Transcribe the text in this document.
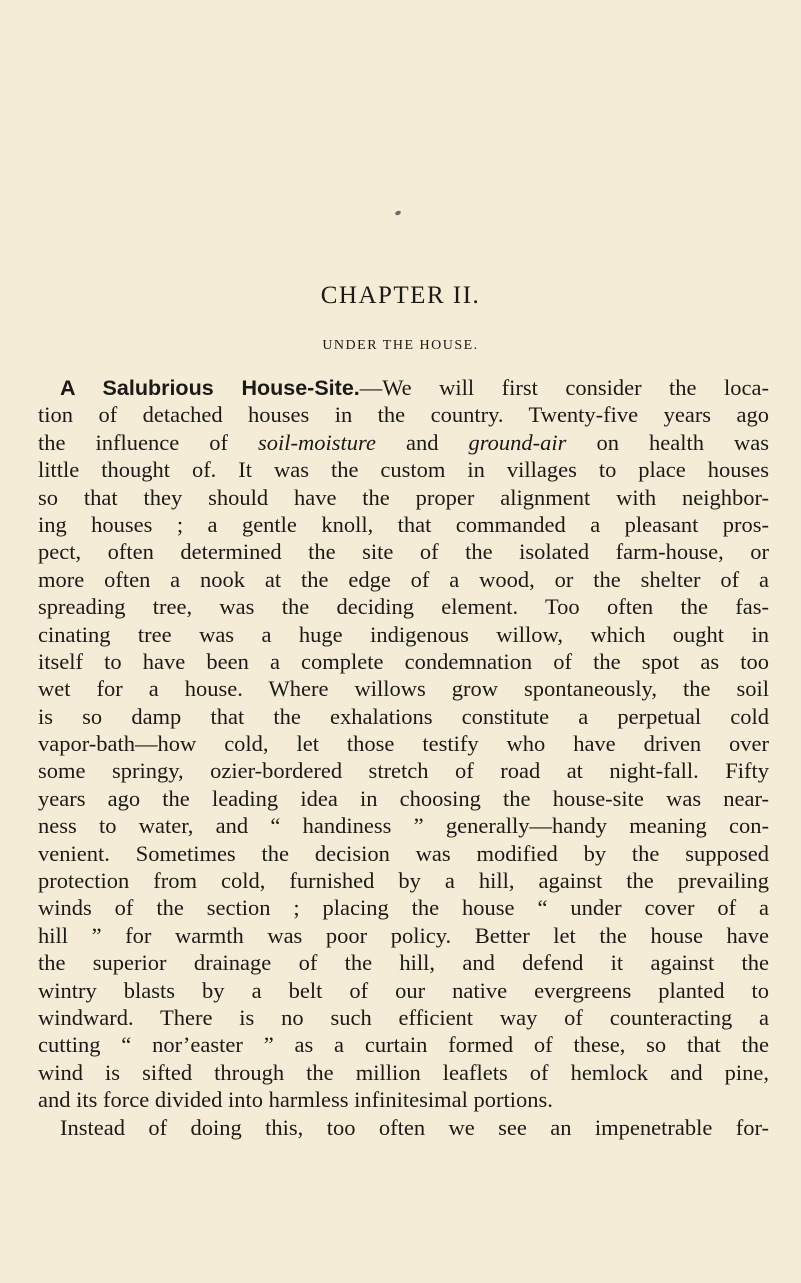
CHAPTER II.
UNDER THE HOUSE.
A Salubrious House-Site.—We will first consider the loca-
tion of detached houses in the country. Twenty-five years ago
the influence of soil-moisture and ground-air on health was
little thought of. It was the custom in villages to place houses
so that they should have the proper alignment with neighbor-
ing houses ; a gentle knoll, that commanded a pleasant pros-
pect, often determined the site of the isolated farm-house, or
more often a nook at the edge of a wood, or the shelter of a
spreading tree, was the deciding element. Too often the fas-
cinating tree was a huge indigenous willow, which ought in
itself to have been a complete condemnation of the spot as too
wet for a house. Where willows grow spontaneously, the soil
is so damp that the exhalations constitute a perpetual cold
vapor-bath—how cold, let those testify who have driven over
some springy, ozier-bordered stretch of road at night-fall. Fifty
years ago the leading idea in choosing the house-site was near-
ness to water, and “ handiness ” generally—handy meaning con-
venient. Sometimes the decision was modified by the supposed
protection from cold, furnished by a hill, against the prevailing
winds of the section ; placing the house “ under cover of a
hill ” for warmth was poor policy. Better let the house have
the superior drainage of the hill, and defend it against the
wintry blasts by a belt of our native evergreens planted to
windward. There is no such efficient way of counteracting a
cutting “ nor’easter ” as a curtain formed of these, so that the
wind is sifted through the million leaflets of hemlock and pine,
and its force divided into harmless infinitesimal portions.
Instead of doing this, too often we see an impenetrable for-
